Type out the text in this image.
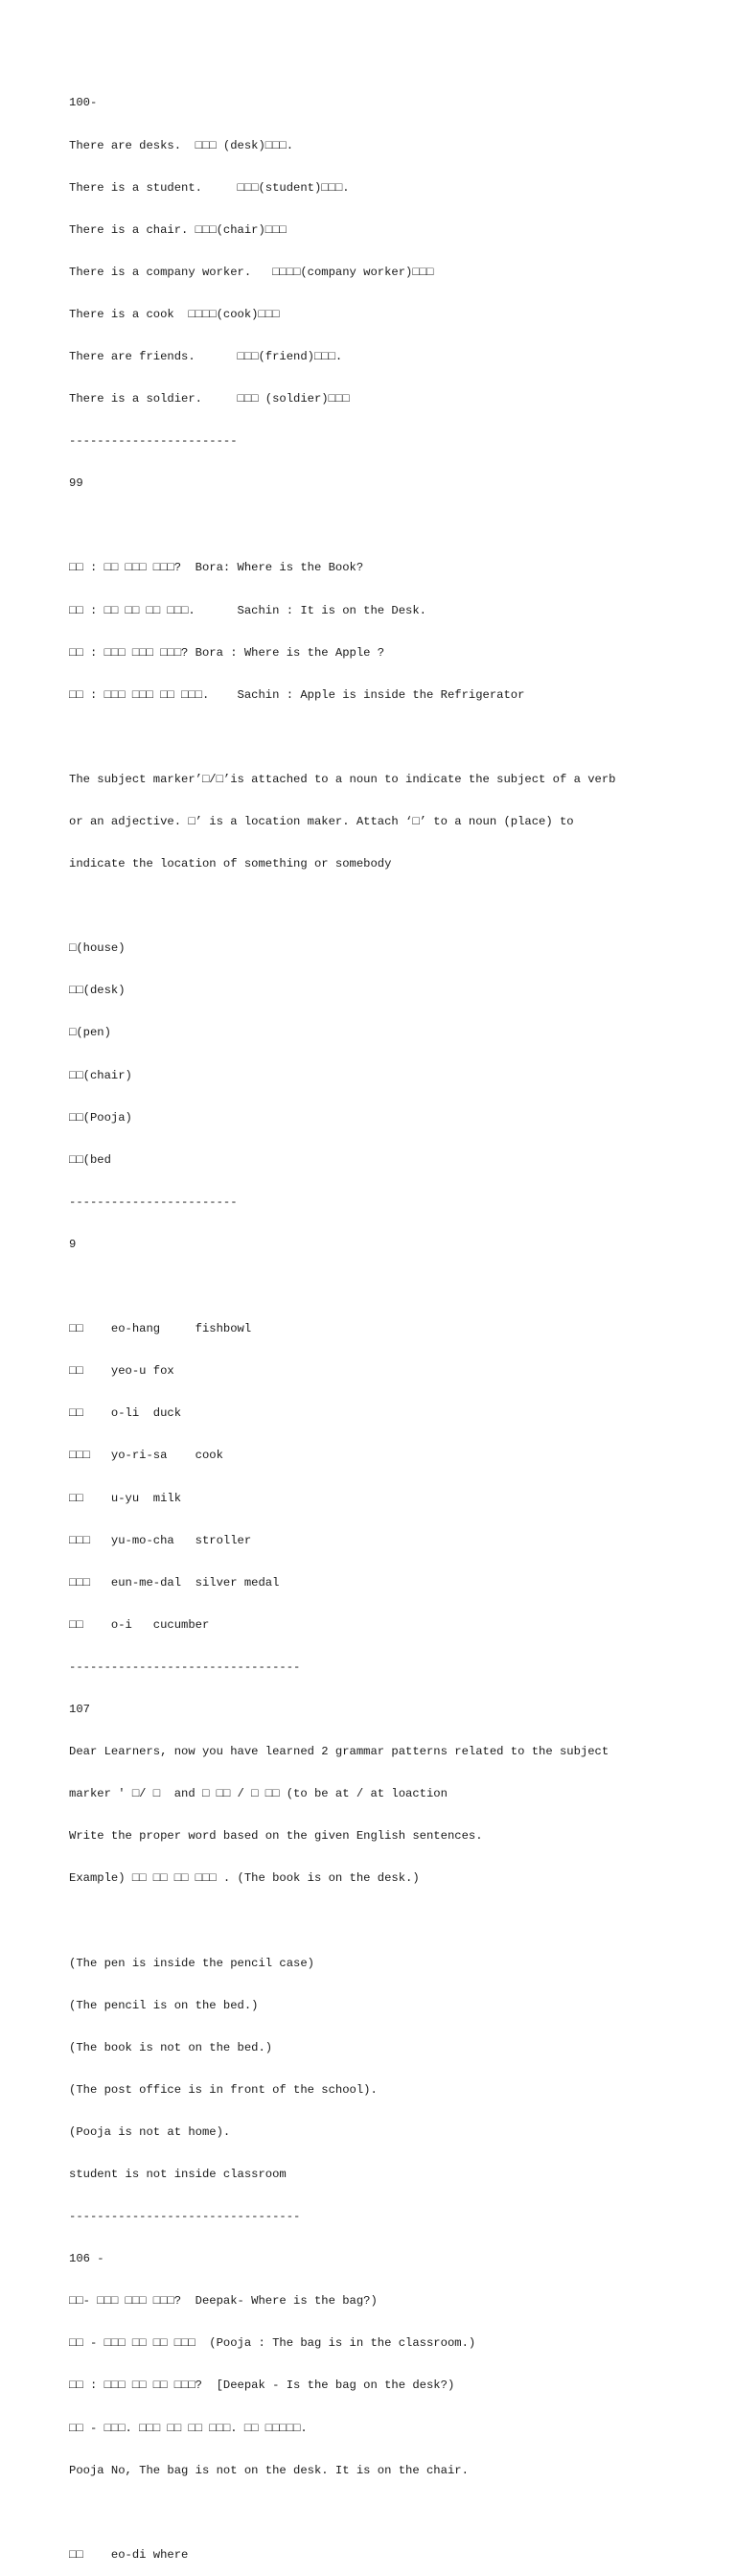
100-

There are desks.  □□□ (desk)□□□.

There is a student.     □□□(student)□□□.

There is a chair. □□□(chair)□□□

There is a company worker.   □□□□(company worker)□□□

There is a cook  □□□□(cook)□□□

There are friends.      □□□(friend)□□□.

There is a soldier.     □□□ (soldier)□□□

------------------------

99

□□ : □□ □□□ □□□?  Bora: Where is the Book?

□□ : □□ □□ □□ □□□.      Sachin : It is on the Desk.

□□ : □□□ □□□ □□□? Bora : Where is the Apple ?

□□ : □□□ □□□ □□ □□□.    Sachin : Apple is inside the Refrigerator

The subject marker’□/□’is attached to a noun to indicate the subject of a verb

or an adjective. □’ is a location maker. Attach ‘□’ to a noun (place) to

indicate the location of something or somebody

□(house)

□□(desk)

□(pen)

□□(chair)

□□(Pooja)

□□(bed

------------------------

9

□□    eo-hang     fishbowl

□□    yeo-u fox

□□    o-li  duck

□□□   yo-ri-sa    cook

□□    u-yu  milk

□□□   yu-mo-cha   stroller

□□□   eun-me-dal  silver medal

□□    o-i   cucumber

---------------------------------

107

Dear Learners, now you have learned 2 grammar patterns related to the subject

marker ' □/ □  and □ □□ / □ □□ (to be at / at loaction

Write the proper word based on the given English sentences.

Example) □□ □□ □□ □□□ . (The book is on the desk.)

(The pen is inside the pencil case)

(The pencil is on the bed.)

(The book is not on the bed.)

(The post office is in front of the school).

(Pooja is not at home).

student is not inside classroom

---------------------------------

106 -

□□- □□□ □□□ □□□?  Deepak- Where is the bag?)

□□ - □□□ □□ □□ □□□  (Pooja : The bag is in the classroom.)

□□ : □□□ □□ □□ □□□?  [Deepak - Is the bag on the desk?)

□□ - □□□. □□□ □□ □□ □□□. □□ □□□□□.

Pooja No, The bag is not on the desk. It is on the chair.

□□    eo-di where
